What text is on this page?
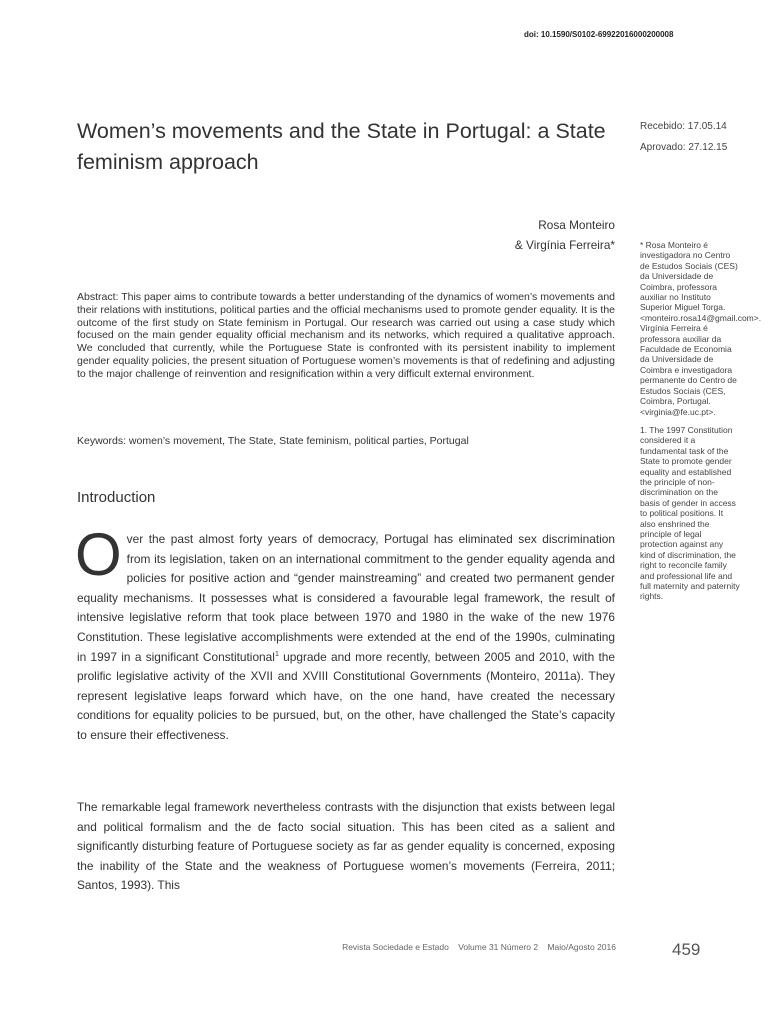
doi: 10.1590/S0102-69922016000200008
Women’s movements and the State in Portugal: a State feminism approach
Recebido: 17.05.14
Aprovado: 27.12.15
Rosa Monteiro
& Virgínia Ferreira*
Abstract: This paper aims to contribute towards a better understanding of the dynamics of women’s movements and their relations with institutions, political parties and the official mechanisms used to promote gender equality. It is the outcome of the first study on State feminism in Portugal. Our research was carried out using a case study which focused on the main gender equality official mechanism and its networks, which required a qualitative approach. We concluded that currently, while the Portuguese State is confronted with its persistent inability to implement gender equality policies, the present situation of Portuguese women’s movements is that of redefining and adjusting to the major challenge of reinvention and resignification within a very difficult external environment.
Keywords: women’s movement, The State, State feminism, political parties, Portugal
Introduction

Over the past almost forty years of democracy, Portugal has eliminated sex discrimination from its legislation, taken on an international commitment to the gender equality agenda and policies for positive action and “gender mainstreaming” and created two permanent gender equality mechanisms. It possesses what is considered a favourable legal framework, the result of intensive legislative reform that took place between 1970 and 1980 in the wake of the new 1976 Constitution. These legislative accomplishments were extended at the end of the 1990s, culminating in 1997 in a significant Constitutional$^1$ upgrade and more recently, between 2005 and 2010, with the prolific legislative activity of the XVII and XVIII Constitutional Governments (Monteiro, 2011a). They represent legislative leaps forward which have, on the one hand, have created the necessary conditions for equality policies to be pursued, but, on the other, have challenged the State’s capacity to ensure their effectiveness.

The remarkable legal framework nevertheless contrasts with the disjunction that exists between legal and political formalism and the de facto social situation. This has been cited as a salient and significantly disturbing feature of Portuguese society as far as gender equality is concerned, exposing the inability of the State and the weakness of Portuguese women’s movements (Ferreira, 2011; Santos, 1993). This

* Rosa Monteiro é investigadora no Centro de Estudos Sociais (CES) da Universidade de Coimbra, professora auxiliar no Instituto Superior Miguel Torga. <monteiro.rosa14@gmail.com>. Virgínia Ferreira é professora auxiliar da Faculdade de Economia da Universidade de Coimbra e investigadora permanente do Centro de Estudos Sociais (CES, Coimbra, Portugal. <virginia@fe.uc.pt>.
1. The 1997 Constitution considered it a fundamental task of the State to promote gender equality and established the principle of non-discrimination on the basis of gender in access to political positions. It also enshrined the principle of legal protection against any kind of discrimination, the right to reconcile family and professional life and full maternity and paternity rights.
Revista Sociedade e Estado Volume 31 Número 2 Maio/Agosto 2016	459
